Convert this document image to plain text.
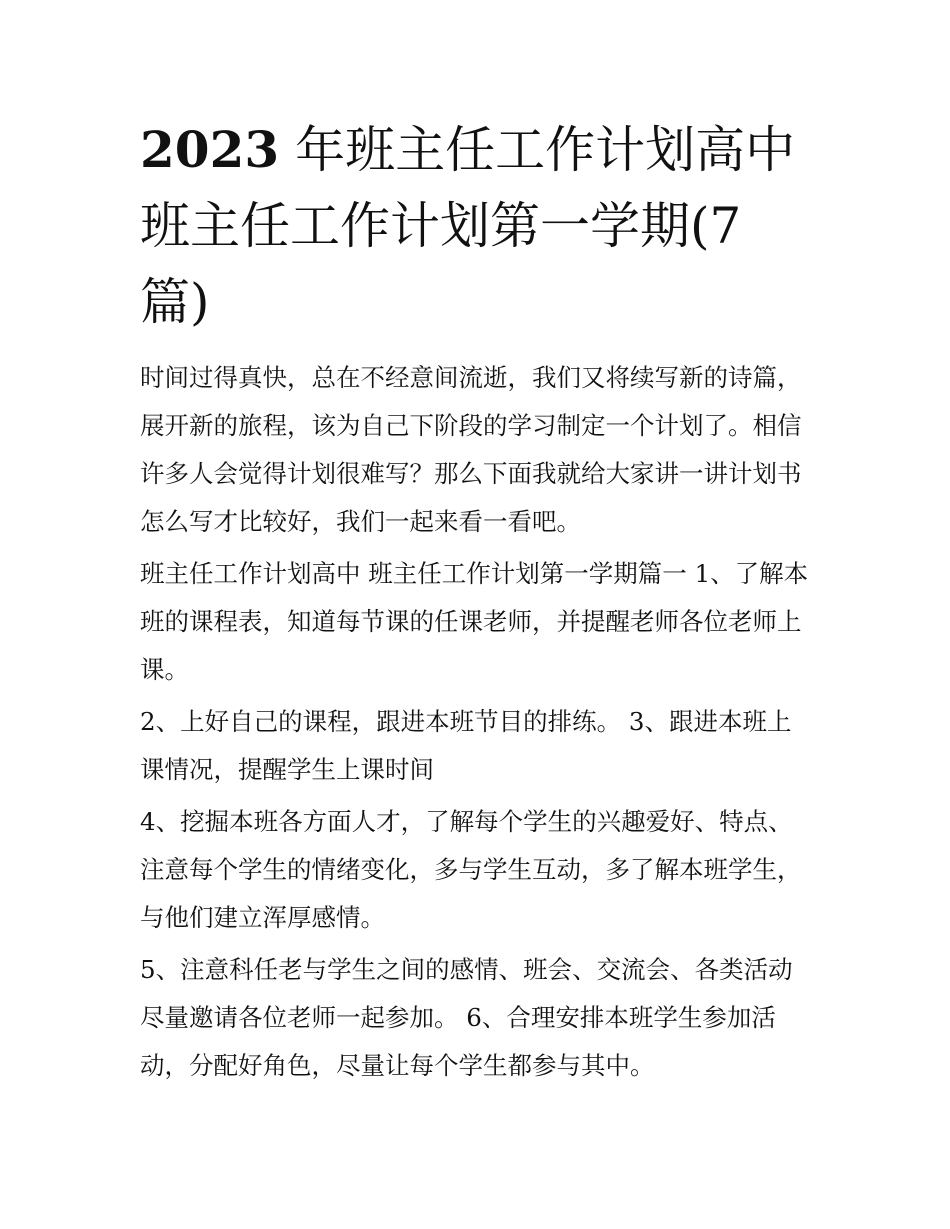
2023 年班主任工作计划高中
班主任工作计划第一学期(7
篇)

时间过得真快，总在不经意间流逝，我们又将续写新的诗篇，
展开新的旅程，该为自己下阶段的学习制定一个计划了。相信
许多人会觉得计划很难写？那么下面我就给大家讲一讲计划书
怎么写才比较好，我们一起来看一看吧。

班主任工作计划高中 班主任工作计划第一学期篇一 1、了解本
班的课程表，知道每节课的任课老师，并提醒老师各位老师上
课。

2、上好自己的课程，跟进本班节目的排练。 3、跟进本班上
课情况，提醒学生上课时间

4、挖掘本班各方面人才，了解每个学生的兴趣爱好、特点、
注意每个学生的情绪变化，多与学生互动，多了解本班学生，
与他们建立浑厚感情。

5、注意科任老与学生之间的感情、班会、交流会、各类活动
尽量邀请各位老师一起参加。 6、合理安排本班学生参加活
动，分配好角色，尽量让每个学生都参与其中。
